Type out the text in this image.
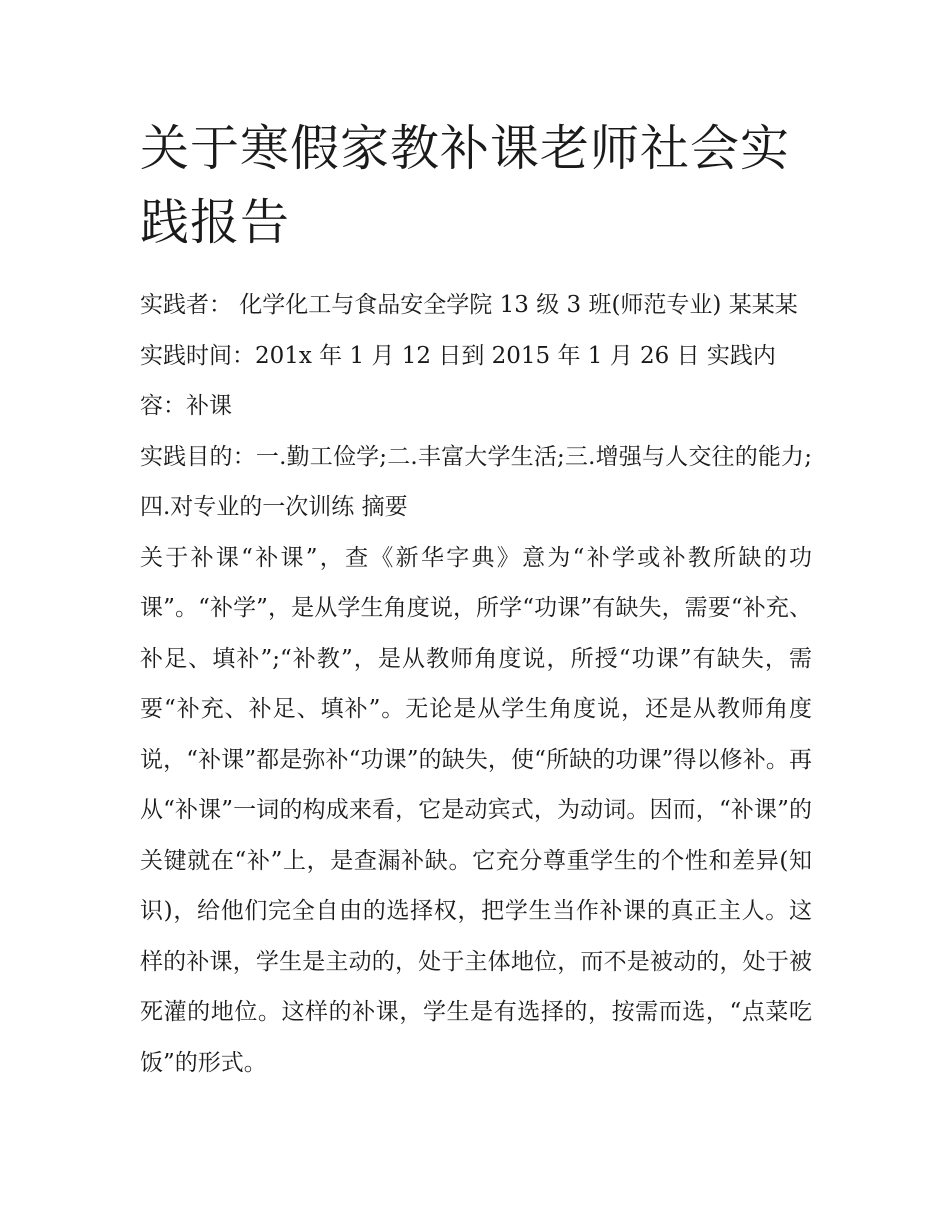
关于寒假家教补课老师社会实践报告

实践者： 化学化工与食品安全学院 13 级 3 班(师范专业) 某某某 实践时间：201x 年 1 月 12 日到 2015 年 1 月 26 日 实践内容：补课

实践目的：一.勤工俭学;二.丰富大学生活;三.增强与人交往的能力;四.对专业的一次训练 摘要

关于补课“补课”，查《新华字典》意为“补学或补教所缺的功课”。“补学”，是从学生角度说，所学“功课”有缺失，需要“补充、补足、填补”;“补教”，是从教师角度说，所授“功课”有缺失，需要“补充、补足、填补”。无论是从学生角度说，还是从教师角度说，“补课”都是弥补“功课”的缺失，使“所缺的功课”得以修补。再从“补课”一词的构成来看，它是动宾式，为动词。因而，“补课”的关键就在“补”上，是查漏补缺。它充分尊重学生的个性和差异(知识)，给他们完全自由的选择权，把学生当作补课的真正主人。这样的补课，学生是主动的，处于主体地位，而不是被动的，处于被死灌的地位。这样的补课，学生是有选择的，按需而选，“点菜吃饭”的形式。
